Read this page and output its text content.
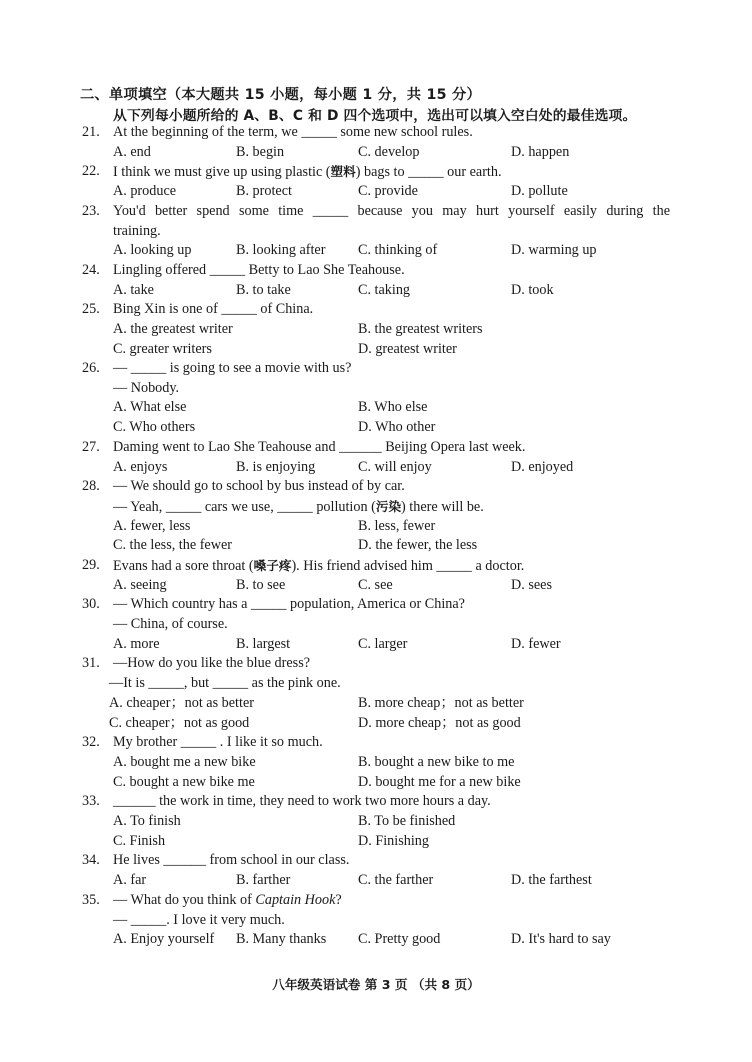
二、单项填空（本大题共 15 小题，每小题 1 分，共 15 分）
从下列每小题所给的 A、B、C 和 D 四个选项中，选出可以填入空白处的最佳选项。
21. At the beginning of the term, we _____ some new school rules.
A. end	B. begin	C. develop	D. happen
22. I think we must give up using plastic (塑料) bags to _____ our earth.
A. produce	B. protect	C. provide	D. pollute
23. You'd better spend some time _____ because you may hurt yourself easily during the
training.
A. looking up	B. looking after C. thinking of	D. warming up
24. Lingling offered _____ Betty to Lao She Teahouse.
A. take	B. to take	C. taking	D. took
25. Bing Xin is one of _____ of China.
A. the greatest writer	B. the greatest writers
C. greater writers	D. greatest writer
26. — _____ is going to see a movie with us?
— Nobody.
A. What else	B. Who else
C. Who others	D. Who other
27. Daming went to Lao She Teahouse and ______ Beijing Opera last week.
A. enjoys	B. is enjoying	C. will enjoy	D. enjoyed
28. — We should go to school by bus instead of by car.
— Yeah, _____ cars we use, _____ pollution (污染) there will be.
A. fewer, less	B. less, fewer
C. the less, the fewer	D. the fewer, the less
29. Evans had a sore throat (嗓子疼). His friend advised him _____ a doctor.
A. seeing	B. to see	C. see	D. sees
30. — Which country has a _____ population, America or China?
— China, of course.
A. more	B. largest	C. larger	D. fewer
31. —How do you like the blue dress?
—It is _____, but _____ as the pink one.
A. cheaper；not as better	B. more cheap；not as better
C. cheaper；not as good	D. more cheap；not as good
32. My brother _____ . I like it so much.
A. bought me a new bike	B. bought a new bike to me
C. bought a new bike me	D. bought me for a new bike
33. ______ the work in time, they need to work two more hours a day.
A. To finish	B. To be finished
C. Finish	D. Finishing
34. He lives ______ from school in our class.
A. far	B. farther	C. the farther	D. the farthest
35. — What do you think of Captain Hook?
— _____. I love it very much.
A. Enjoy yourself B. Many thanks C. Pretty good	D. It's hard to say
八年级英语试卷 第 3 页 （共 8 页）
